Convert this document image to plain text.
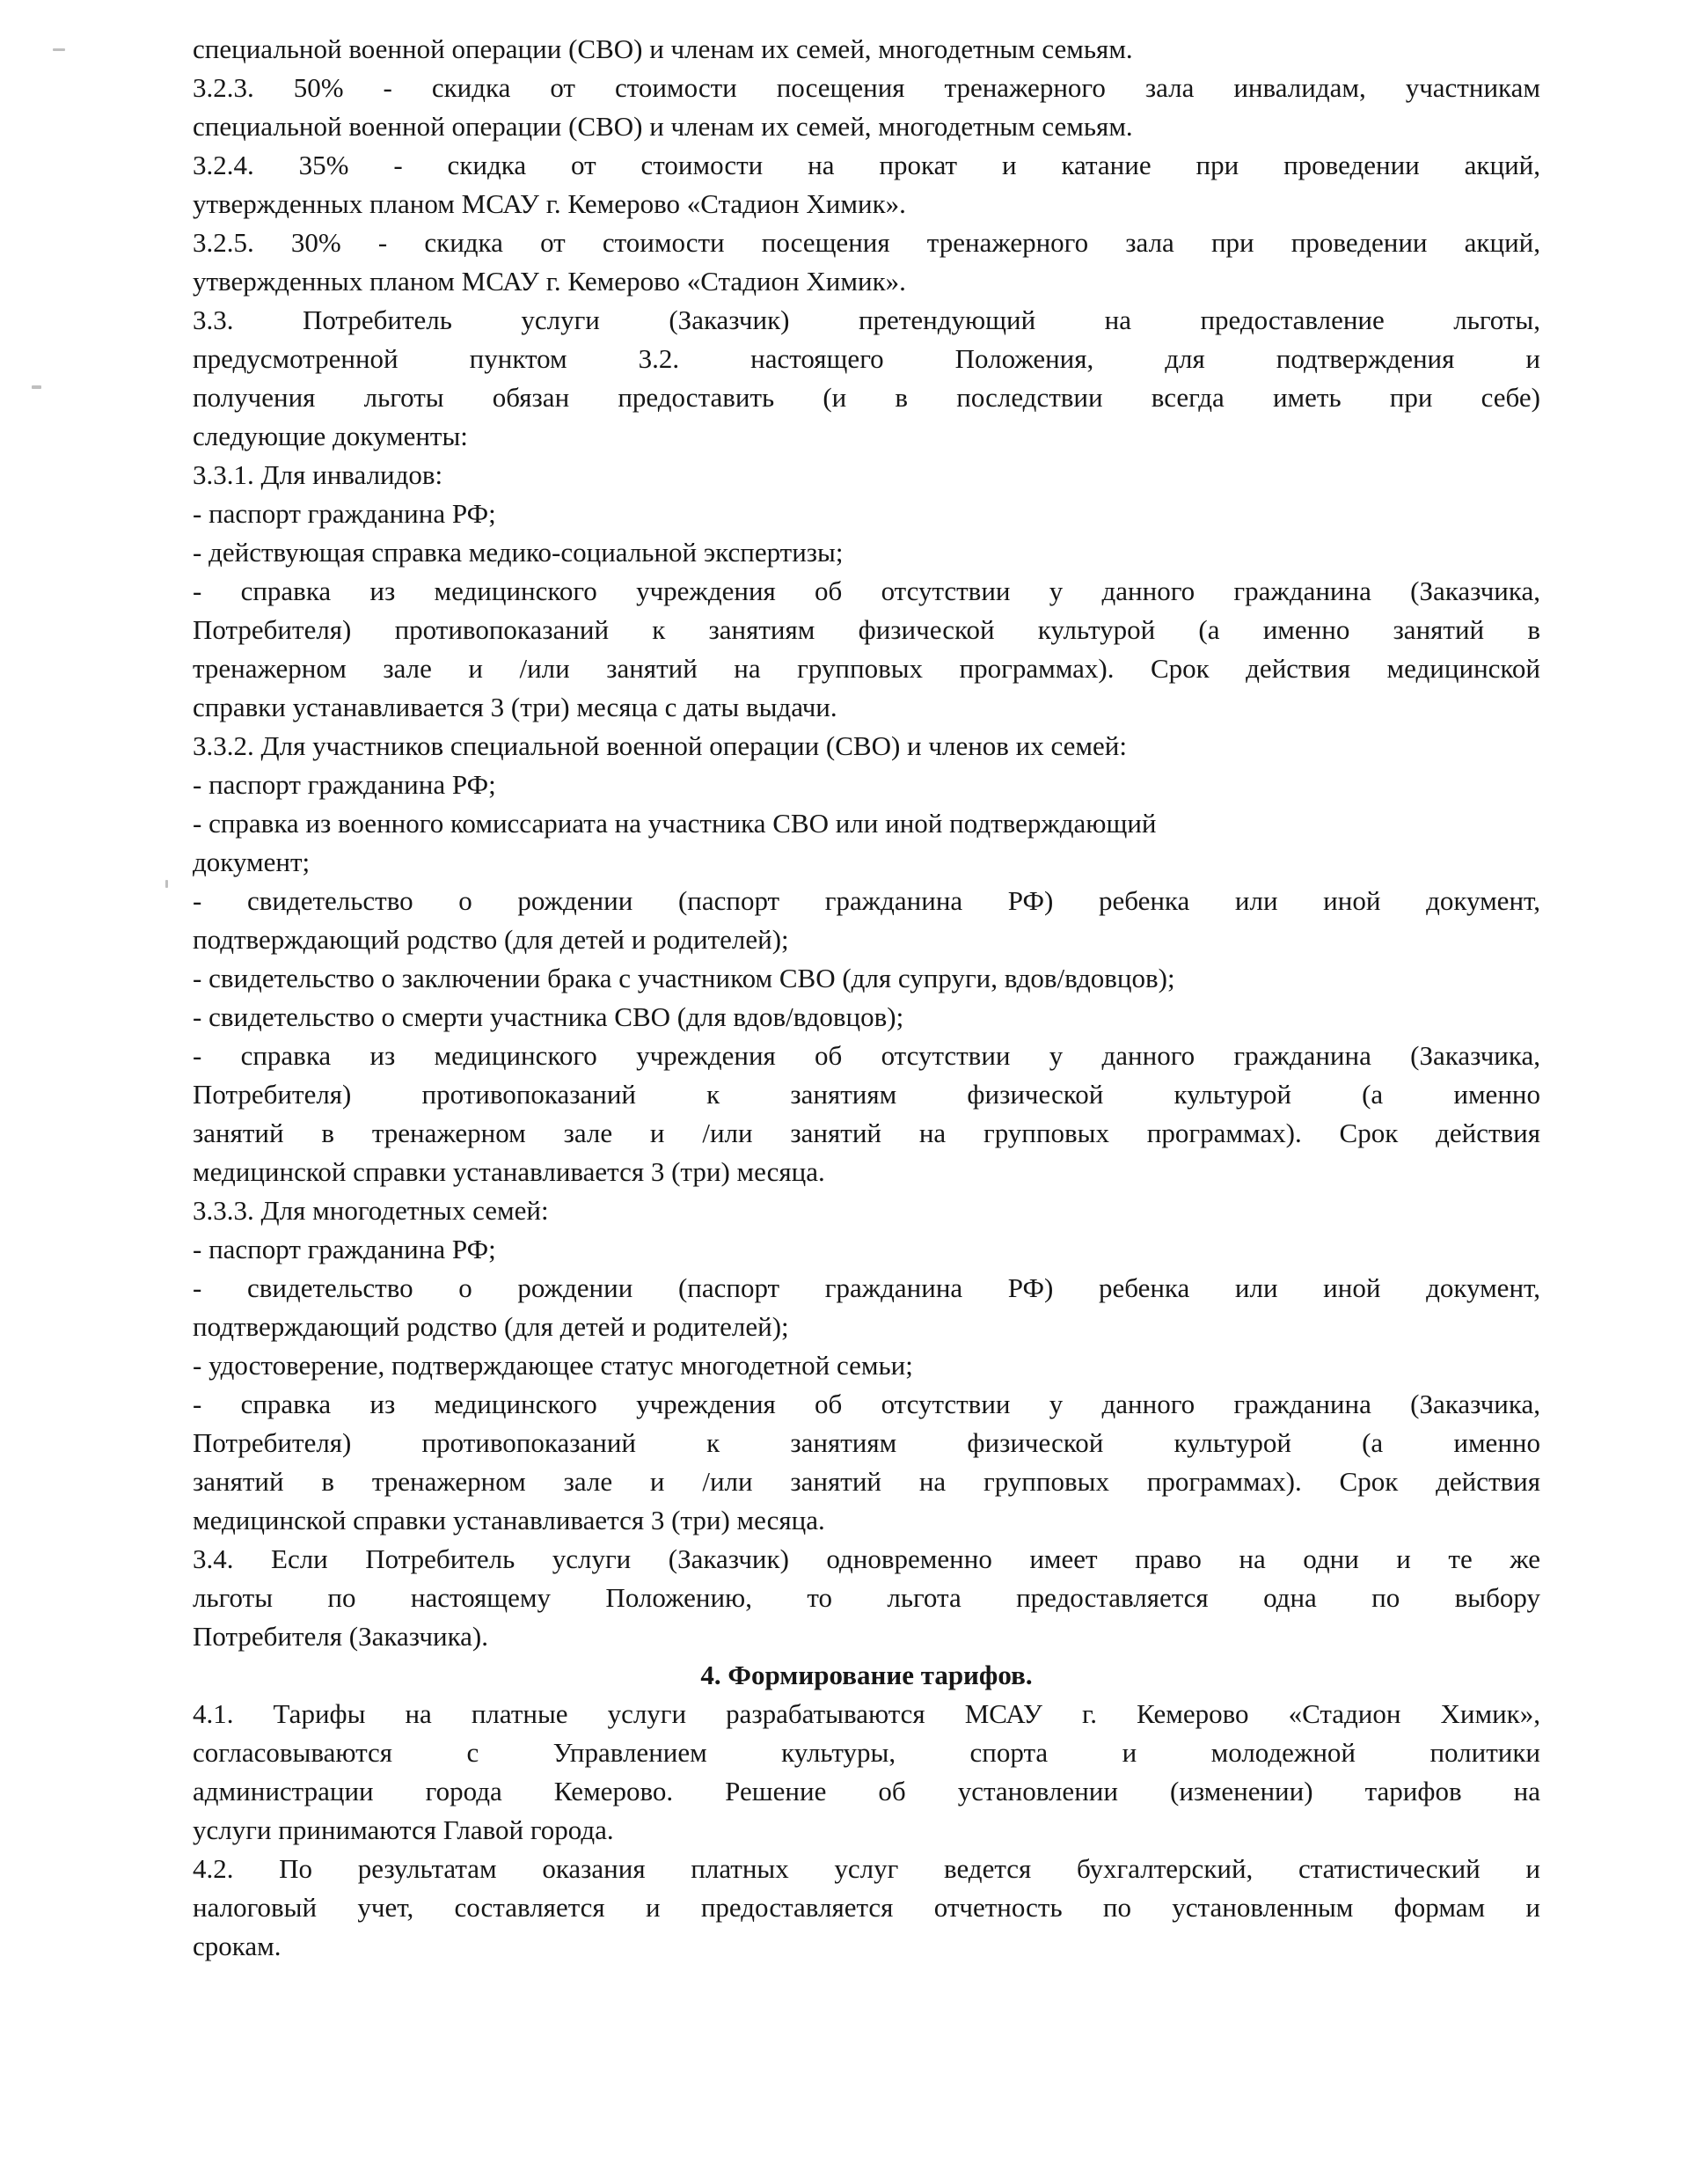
специальной военной операции (СВО) и членам их семей, многодетным семьям.
3.2.3. 50% - скидка от стоимости посещения тренажерного зала инвалидам, участникам
специальной военной операции (СВО) и членам их семей, многодетным семьям.
3.2.4. 35% - скидка от стоимости на прокат и катание при проведении акций,
утвержденных планом МСАУ г. Кемерово «Стадион Химик».
3.2.5. 30% - скидка от стоимости посещения тренажерного зала при проведении акций,
утвержденных планом МСАУ г. Кемерово «Стадион Химик».
3.3. Потребитель услуги (Заказчик) претендующий на предоставление льготы,
предусмотренной пунктом 3.2. настоящего Положения, для подтверждения и
получения льготы обязан предоставить (и в последствии всегда иметь при себе)
следующие документы:
3.3.1. Для инвалидов:
- паспорт гражданина РФ;
- действующая справка медико-социальной экспертизы;
- справка из медицинского учреждения об отсутствии у данного гражданина (Заказчика,
Потребителя) противопоказаний к занятиям физической культурой (а именно занятий в
тренажерном зале и /или занятий на групповых программах). Срок действия медицинской
справки устанавливается 3 (три) месяца с даты выдачи.
3.3.2. Для участников специальной военной операции (СВО) и членов их семей:
- паспорт гражданина РФ;
- справка из военного комиссариата на участника СВО или иной подтверждающий
документ;
- свидетельство о рождении (паспорт гражданина РФ) ребенка или иной документ,
подтверждающий родство (для детей и родителей);
- свидетельство о заключении брака с участником СВО (для супруги, вдов/вдовцов);
- свидетельство о смерти участника СВО (для вдов/вдовцов);
- справка из медицинского учреждения об отсутствии у данного гражданина (Заказчика,
Потребителя) противопоказаний к занятиям физической культурой (а именно
занятий в тренажерном зале и /или занятий на групповых программах). Срок действия
медицинской справки устанавливается 3 (три) месяца.
3.3.3. Для многодетных семей:
- паспорт гражданина РФ;
- свидетельство о рождении (паспорт гражданина РФ) ребенка или иной документ,
подтверждающий родство (для детей и родителей);
- удостоверение, подтверждающее статус многодетной семьи;
- справка из медицинского учреждения об отсутствии у данного гражданина (Заказчика,
Потребителя) противопоказаний к занятиям физической культурой (а именно
занятий в тренажерном зале и /или занятий на групповых программах). Срок действия
медицинской справки устанавливается 3 (три) месяца.
3.4. Если Потребитель услуги (Заказчик) одновременно имеет право на одни и те же
льготы по настоящему Положению, то льгота предоставляется одна по выбору
Потребителя (Заказчика).
4. Формирование тарифов.
4.1. Тарифы на платные услуги разрабатываются МСАУ г. Кемерово «Стадион Химик»,
согласовываются с Управлением культуры, спорта и молодежной политики
администрации города Кемерово. Решение об установлении (изменении) тарифов на
услуги принимаются Главой города.
4.2. По результатам оказания платных услуг ведется бухгалтерский, статистический и
налоговый учет, составляется и предоставляется отчетность по установленным формам и
срокам.
